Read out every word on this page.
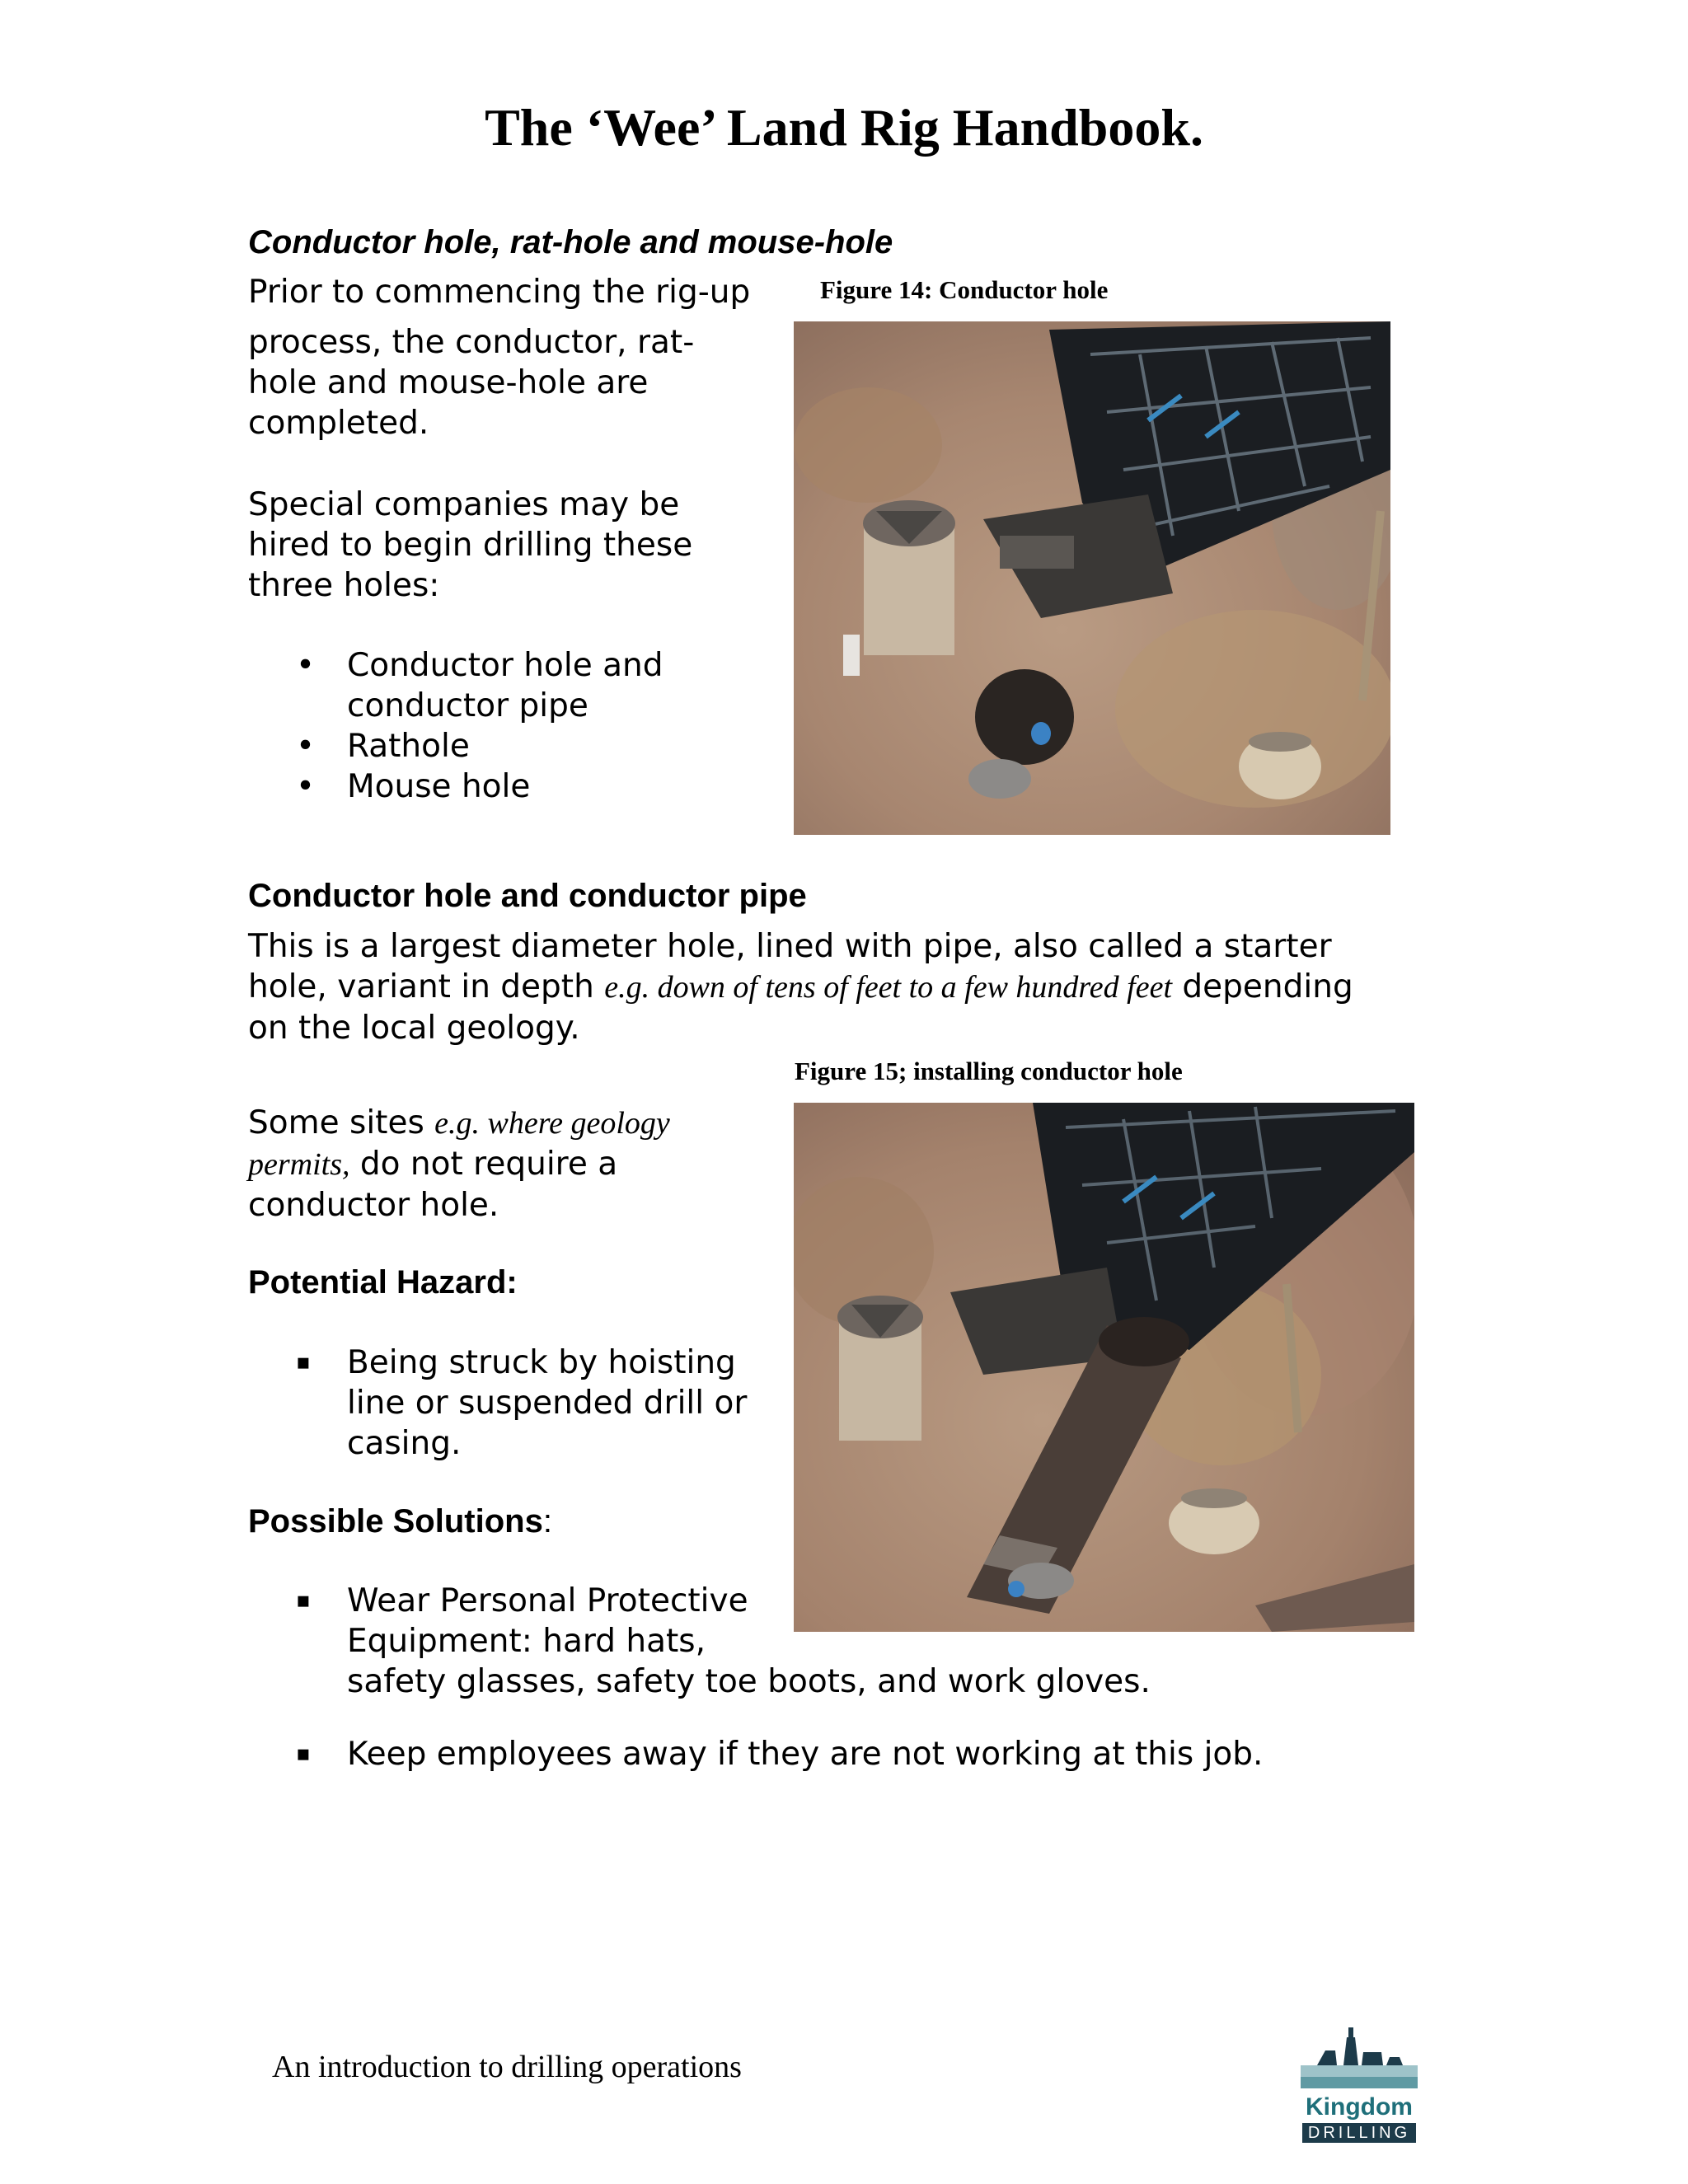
The ‘Wee’ Land Rig Handbook.
Conductor hole, rat-hole and mouse-hole
Prior to commencing the rig-up
process, the conductor, rat-
hole and mouse-hole are
completed.
Special companies may be
hired to begin drilling these
three holes:
• Conductor hole and
conductor pipe
• Rathole
• Mouse hole
Figure 14: Conductor hole
Conductor hole and conductor pipe
This is a largest diameter hole, lined with pipe, also called a starter
hole, variant in depth e.g. down of tens of feet to a few hundred feet depending
on the local geology.
Figure 15; installing conductor hole
Some sites e.g. where geology
permits, do not require a
conductor hole.
Potential Hazard:
▪ Being struck by hoisting
line or suspended drill or
casing.
Possible Solutions:
▪ Wear Personal Protective
Equipment: hard hats,
safety glasses, safety toe boots, and work gloves.
▪ Keep employees away if they are not working at this job.
An introduction to drilling operations
Kingdom
DRILLING
